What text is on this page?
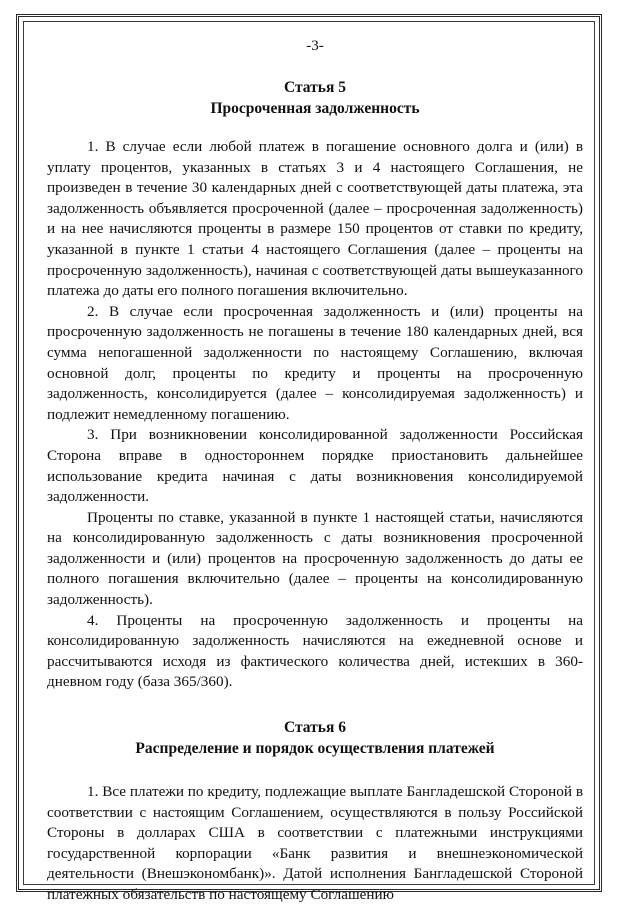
-3-
Статья 5
Просроченная задолженность

1. В случае если любой платеж в погашение основного долга и (или) в уплату процентов, указанных в статьях 3 и 4 настоящего Соглашения, не произведен в течение 30 календарных дней с соответствующей даты платежа, эта задолженность объявляется просроченной (далее – просроченная задолженность) и на нее начисляются проценты в размере 150 процентов от ставки по кредиту, указанной в пункте 1 статьи 4 настоящего Соглашения (далее – проценты на просроченную задолженность), начиная с соответствующей даты вышеуказанного платежа до даты его полного погашения включительно.

2. В случае если просроченная задолженность и (или) проценты на просроченную задолженность не погашены в течение 180 календарных дней, вся сумма непогашенной задолженности по настоящему Соглашению, включая основной долг, проценты по кредиту и проценты на просроченную задолженность, консолидируется (далее – консолидируемая задолженность) и подлежит немедленному погашению.

3. При возникновении консолидированной задолженности Российская Сторона вправе в одностороннем порядке приостановить дальнейшее использование кредита начиная с даты возникновения консолидируемой задолженности.

Проценты по ставке, указанной в пункте 1 настоящей статьи, начисляются на консолидированную задолженность с даты возникновения просроченной задолженности и (или) процентов на просроченную задолженность до даты ее полного погашения включительно (далее – проценты на консолидированную задолженность).

4. Проценты на просроченную задолженность и проценты на консолидированную задолженность начисляются на ежедневной основе и рассчитываются исходя из фактического количества дней, истекших в 360-дневном году (база 365/360).

Статья 6
Распределение и порядок осуществления платежей

1. Все платежи по кредиту, подлежащие выплате Бангладешской Стороной в соответствии с настоящим Соглашением, осуществляются в пользу Российской Стороны в долларах США в соответствии с платежными инструкциями государственной корпорации «Банк развития и внешнеэкономической деятельности (Внешэкономбанк)». Датой исполнения Бангладешской Стороной платежных обязательств по настоящему Соглашению
